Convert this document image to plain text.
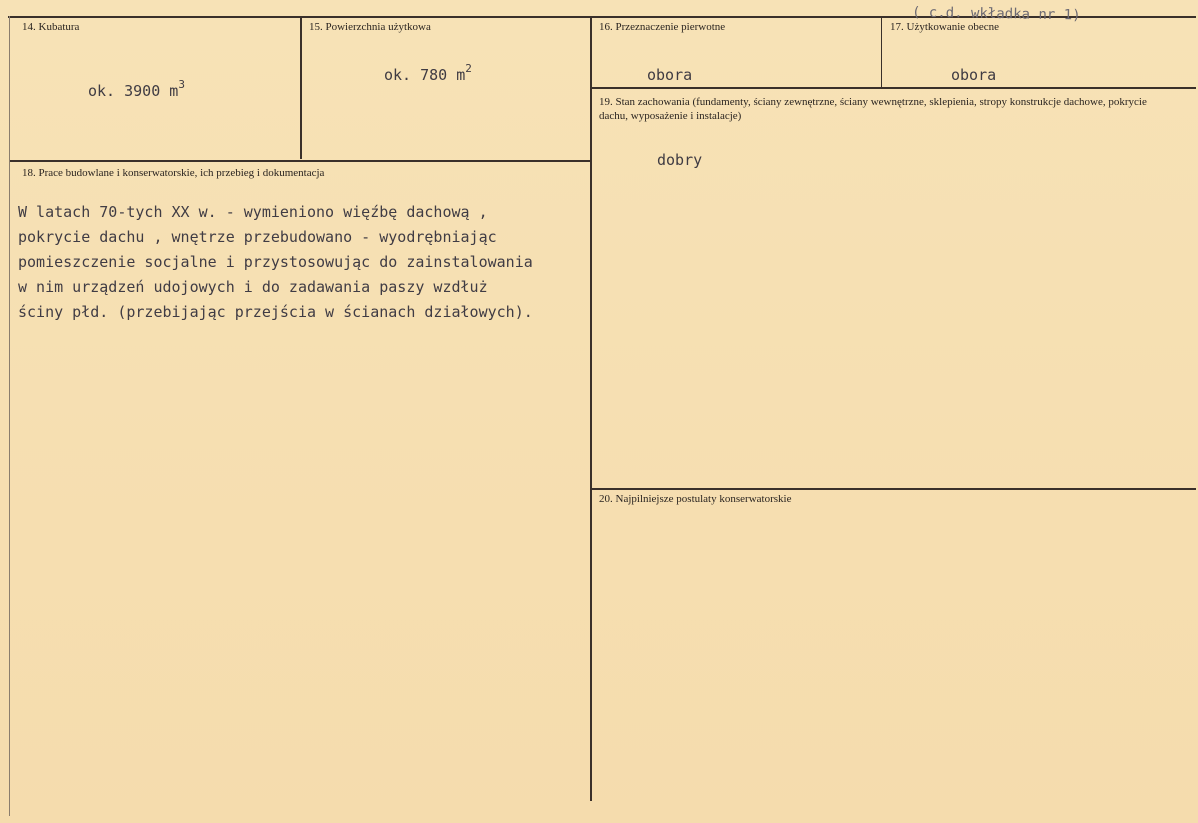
14. Kubatura
ok. 3900 $m^3$
15. Powierzchnia użytkowa
ok. 780 $m^2$
16. Przeznaczenie pierwotne
obora
17. Użytkowanie obecne
( c.d. wkładka nr 1)
obora
18. Prace budowlane i konserwatorskie, ich przebieg i dokumentacja
W latach 70-tych XX w. - wymieniono więźbę dachową ,
pokrycie dachu , wnętrze przebudowano - wyodrębniając
pomieszczenie socjalne i przystosowując do zainstalowania
w nim urządzeń udojowych i do zadawania paszy wzdłuż
ściny płd. (przebijając przejścia w ścianach działowych).
19. Stan zachowania (fundamenty, ściany zewnętrzne, ściany wewnętrzne, sklepienia, stropy konstrukcje dachowe, pokrycie dachu, wyposażenie i instalacje)
dobry
20. Najpilniejsze postulaty konserwatorskie
